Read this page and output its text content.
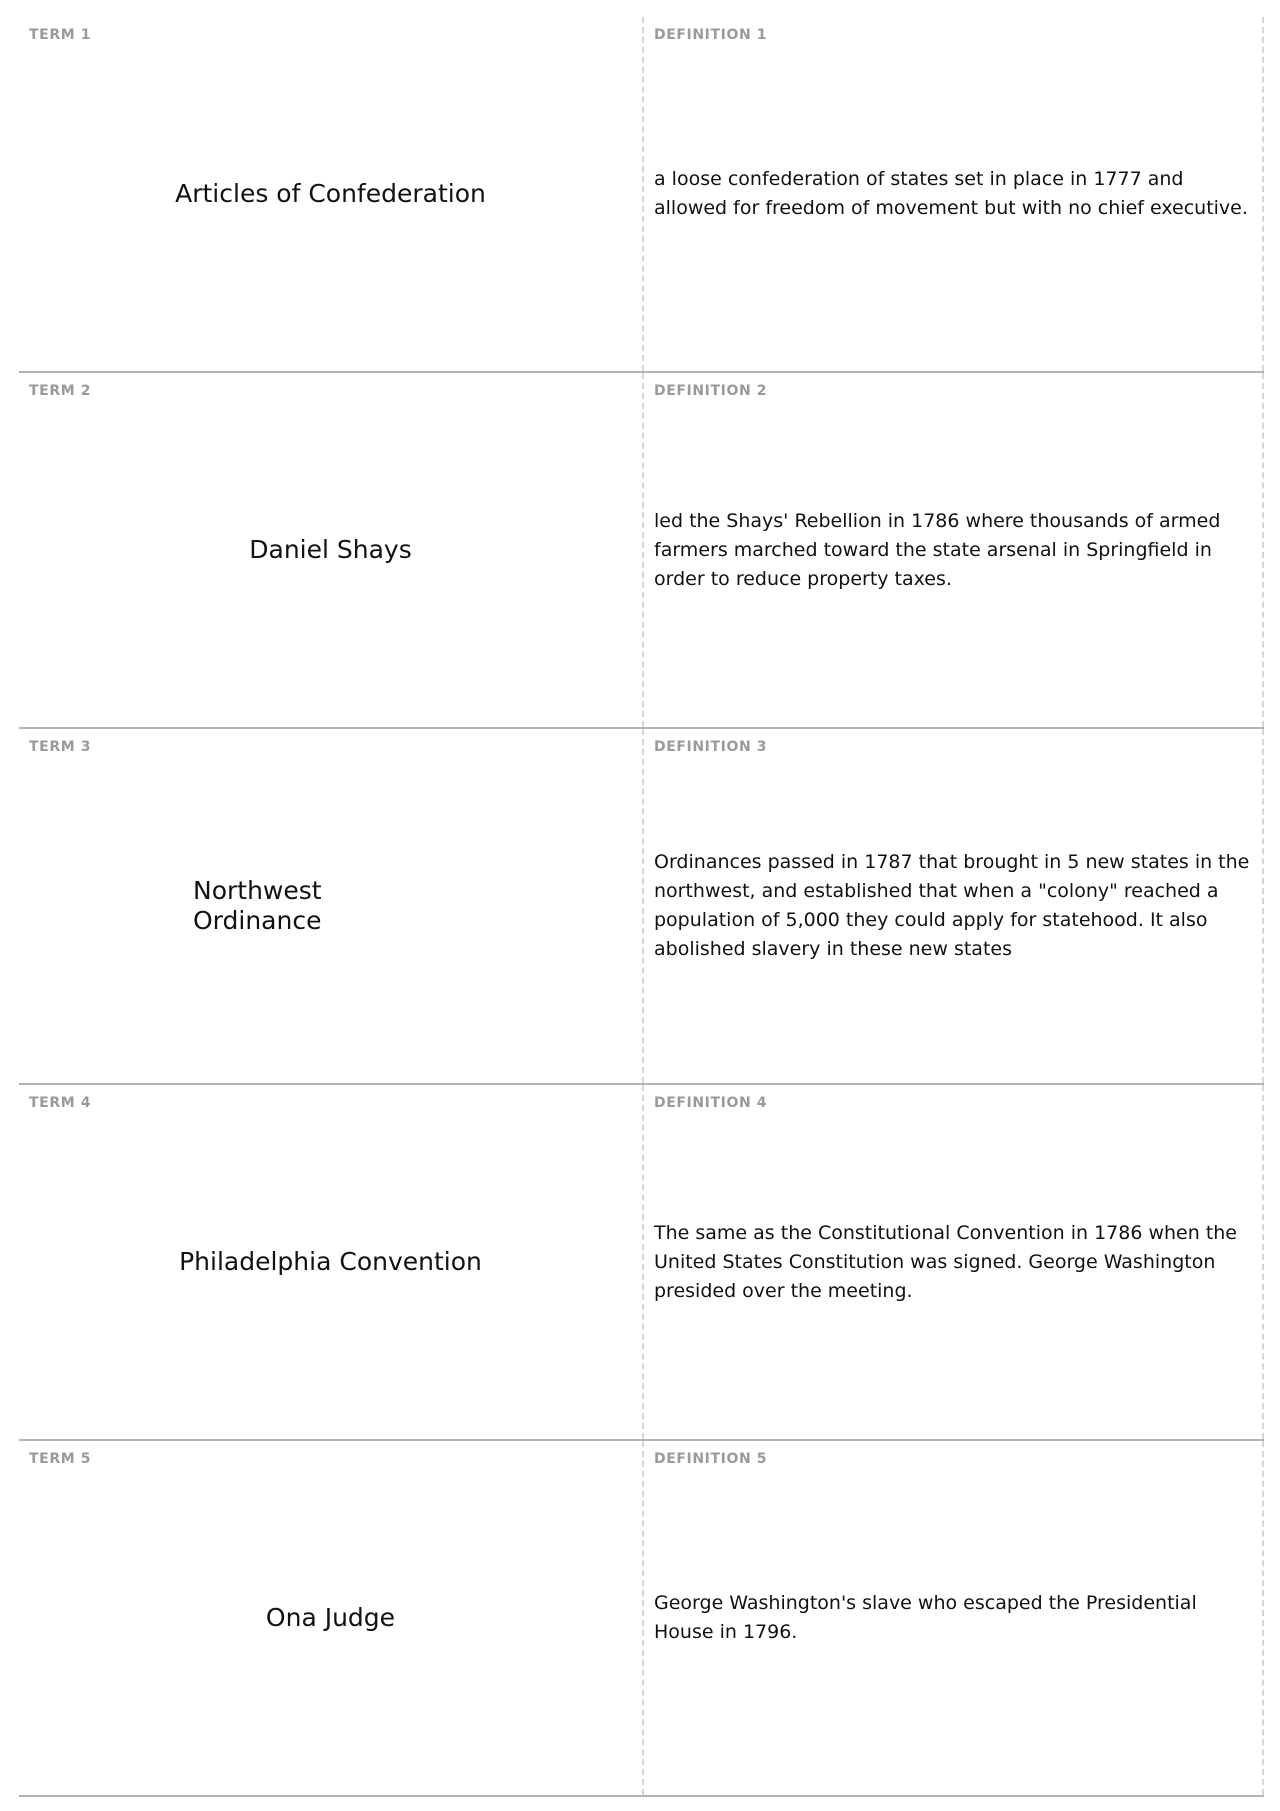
TERM 1
Articles of Confederation
DEFINITION 1
a loose confederation of states set in place in 1777 and allowed for freedom of movement but with no chief executive.
TERM 2
Daniel Shays
DEFINITION 2
led the Shays' Rebellion in 1786 where thousands of armed farmers marched toward the state arsenal in Springfield in order to reduce property taxes.
TERM 3
Northwest Ordinance
DEFINITION 3
Ordinances passed in 1787 that brought in 5 new states in the northwest, and established that when a "colony" reached a population of 5,000 they could apply for statehood. It also abolished slavery in these new states
TERM 4
Philadelphia Convention
DEFINITION 4
The same as the Constitutional Convention in 1786 when the United States Constitution was signed. George Washington presided over the meeting.
TERM 5
Ona Judge
DEFINITION 5
George Washington's slave who escaped the Presidential House in 1796.
